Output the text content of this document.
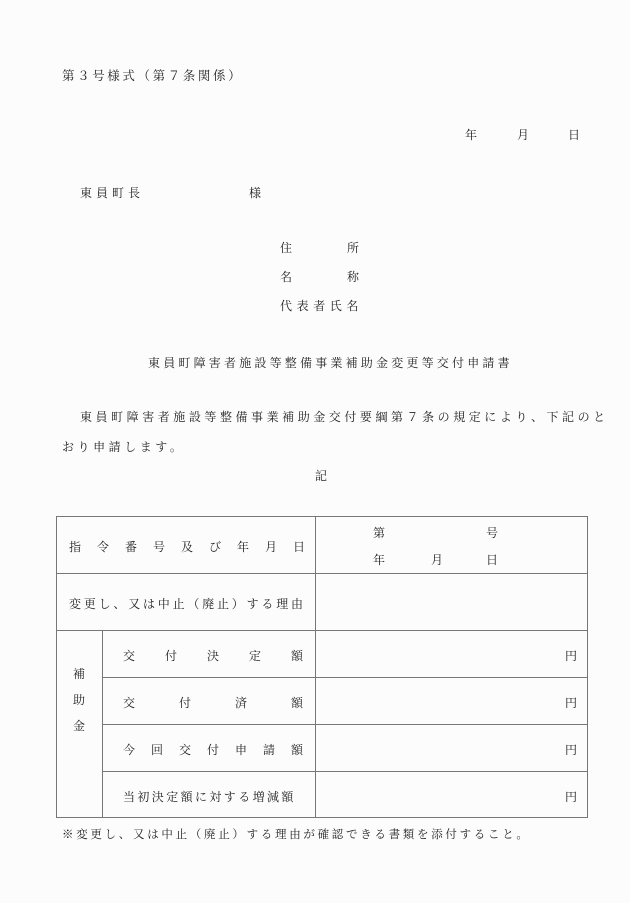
第３号様式（第７条関係）
年	月	日
東員町長	様
住	所
名	称
代表者氏名
東員町障害者施設等整備事業補助金変更等交付申請書
東員町障害者施設等整備事業補助金交付要綱第７条の規定により、下記のと
おり申請します。
記
指 令 番 号 及 び 年 月 日
第	号
年	月	日
変更し、又は中止（廃止）する理由
補
助
金
交 付 決 定 額	円
交	付	済	額	円
今 回 交 付 申 請 額	円
当初決定額に対する増減額	円
※変更し、又は中止（廃止）する理由が確認できる書類を添付すること。
